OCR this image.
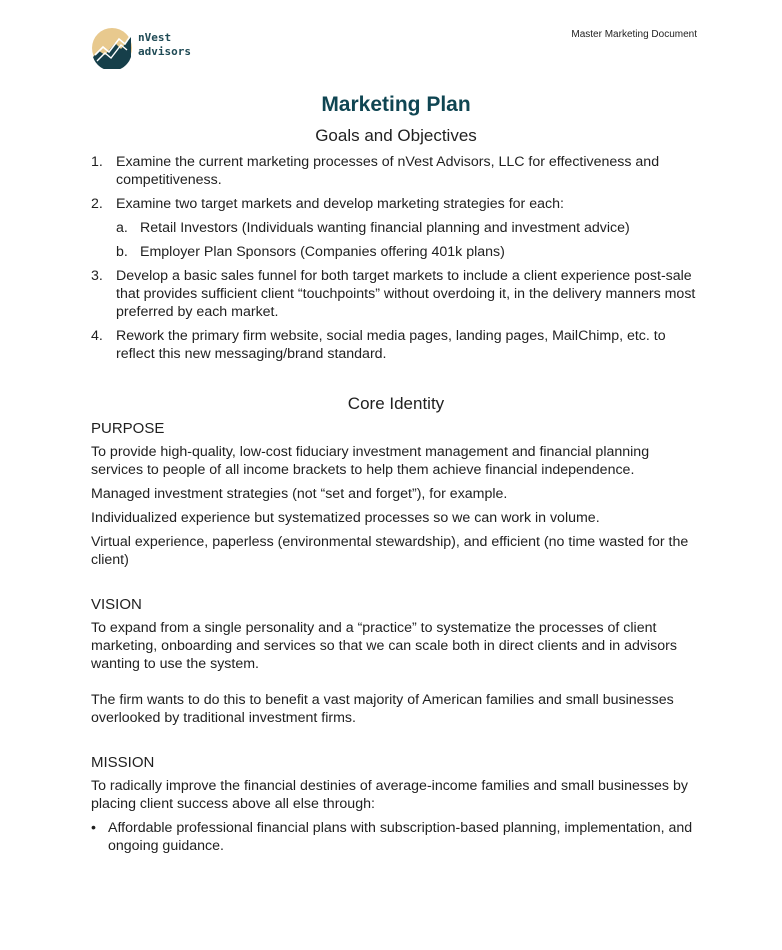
Master Marketing Document
nVest
advisors
Marketing Plan
Goals and Objectives
1. Examine the current marketing processes of nVest Advisors, LLC for effectiveness and competitiveness.
2. Examine two target markets and develop marketing strategies for each:
a. Retail Investors (Individuals wanting financial planning and investment advice)
b. Employer Plan Sponsors (Companies offering 401k plans)
3. Develop a basic sales funnel for both target markets to include a client experience post-sale that provides sufficient client “touchpoints” without overdoing it, in the delivery manners most preferred by each market.
4. Rework the primary firm website, social media pages, landing pages, MailChimp, etc. to reflect this new messaging/brand standard.
Core Identity
PURPOSE

To provide high-quality, low-cost fiduciary investment management and financial planning services to people of all income brackets to help them achieve financial independence.

Managed investment strategies (not “set and forget”), for example.

Individualized experience but systematized processes so we can work in volume.

Virtual experience, paperless (environmental stewardship), and efficient (no time wasted for the client)

VISION

To expand from a single personality and a “practice” to systematize the processes of client marketing, onboarding and services so that we can scale both in direct clients and in advisors wanting to use the system.

The firm wants to do this to benefit a vast majority of American families and small businesses overlooked by traditional investment firms.

MISSION

To radically improve the financial destinies of average-income families and small businesses by placing client success above all else through:

• Affordable professional financial plans with subscription-based planning, implementation, and ongoing guidance.
